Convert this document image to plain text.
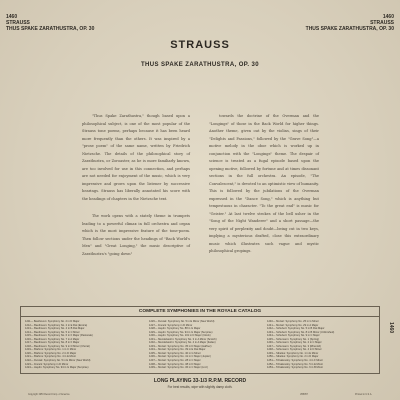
1460
STRAUSS
THUS SPAKE ZARATHUSTRA, OP. 30
1460
STRAUSS
THUS SPAKE ZARATHUSTRA, OP. 30
STRAUSS
THUS SPAKE ZARATHUSTRA, OP. 30

"Thus Spake Zarathustra," though based upon a philosophical subject, is one of the most popular of the Strauss tone poems, perhaps because it has been heard more frequently than the others. It was inspired by a "prose poem" of the same name, written by Friedrich Nietzsche. The details of the philosophical story of Zarathustra, or Zoroaster, as he is more familiarly known, are too involved for use in this connection, and perhaps are not needed for enjoyment of the music, which is very impressive and grows upon the listener by successive hearings. Strauss has liberally annotated his score with the headings of chapters in the Nietzsche text.

The work opens with a stately theme in trumpets leading to a powerful climax in full orchestra and organ which is the most impressive feature of the tone-poem. Then follow sections under the headings of "Back World's Men" and "Great Longing," the music descriptive of Zarathustra's "going down"

towards the doctrine of the Overman and the "Longings" of those in the Back World for higher things. Another theme, given out by the violins, sings of their "Delights and Passions," followed by the "Grave Song"—a motive melody in the oboe which is worked up in conjunction with the "Longings" theme. The despair of science is treated as a fugal episode based upon the opening motive, followed by fortune and at times dissonant sections in the full orchestra. An episode, "The Convalescent," is devoted to an optimistic view of humanity. This is followed by the jubilations of the Overman expressed in the "Dance Song," which is anything but tempestuous in character. "To the great end" is music for "Geister." At last twelve strokes of the bell usher in the "Song of the Night Wanderer" and a short passage—the very spirit of perplexity and doubt—being cut in two keys, implying a mysterious drafted, close this extraordinary music which illustrates such vague and mystic philosophical gropings.

COMPLETE SYMPHONIES IN THE ROYALE CATALOG
1211— Beethoven: Symphony No. 2 in D Major
1212— Beethoven: Symphony No. 2 in E Flat (Eroica)
1213— Beethoven: Symphony No. 4 in B Flat Major
1214— Beethoven: Symphony No. 5 in C Minor
1215— Beethoven: Symphony No. 6 in F Major (Pastorale)
1216— Beethoven: Symphony No. 7 in A Major
1217— Beethoven: Symphony No. 8 in F Major
1218— Beethoven: Symphony No. 9 in D Minor (Choral)
1219— Brahms: Symphony No. 1 in C Minor
1220— Brahms: Symphony No. 2 in D Major
1221— Brahms: Symphony No. 4 in E Minor
1222— Dvorak: Symphony No. 5 in E Minor (New World)
1223— Franck: Symphony in D Minor
1224— Haydn: Symphony No. 94 in G Major (Surprise)
1226— Dvorak: Symphony No. 5 in E Minor (New World)
1227— Franck: Symphony in D Minor
1228— Haydn: Symphony No. 88 in G Major
1229— Haydn: Symphony No. 94 in G Major (Surprise)
1230— Haydn: Symphony No. 101 in D Major (Clock)
1231— Mendelssohn: Symphony No. 3 in A Minor (Scotch)
1232— Mendelssohn: Symphony No. 4 in A Major (Italian)
1233— Mozart: Symphony No. 35 in D Major (Haffner)
1234— Mozart: Symphony No. 39 in E Flat Major
1235— Mozart: Symphony No. 40 in G Minor
1236— Mozart: Symphony No. 41 in C Major (Jupiter)
1237— Mozart: Symphony No. 28 in C Major
1238— Mozart: Symphony No. 38 in D Major
1239— Mozart: Symphony No. 36 in C Major (Linz)
1240— Mozart: Symphony No. 25 in G Minor
1241— Mozart: Symphony No. 29 in A Major
1242— Schubert: Symphony No. 5 in B Flat Major
1243— Schubert: Symphony No. 8 in B Minor (Unfinished)
1244— Schubert: Symphony No. 9 in C Major
1245— Schumann: Symphony No. 1 (Spring)
1246— Schumann: Symphony No. 2 in C Major
1247— Schumann: Symphony No. 3 (Rhenish)
1248— Schumann: Symphony No. 4 in D Minor
1249— Sibelius: Symphony No. 1 in E Minor
1250— Sibelius: Symphony No. 2 in D Major
1251— Tchaikovsky: Symphony No. 4 in F Minor
1252— Tchaikovsky: Symphony No. 5 in E Minor
1253— Tchaikovsky: Symphony No. 6 in B Minor
LONG PLAYING 33-1/3 R.P.M. RECORD
For best results, wipe with slightly damp cloth.
Copyright 1953 Record Corp. of America	V88057	Printed in U.S.A.
1460
